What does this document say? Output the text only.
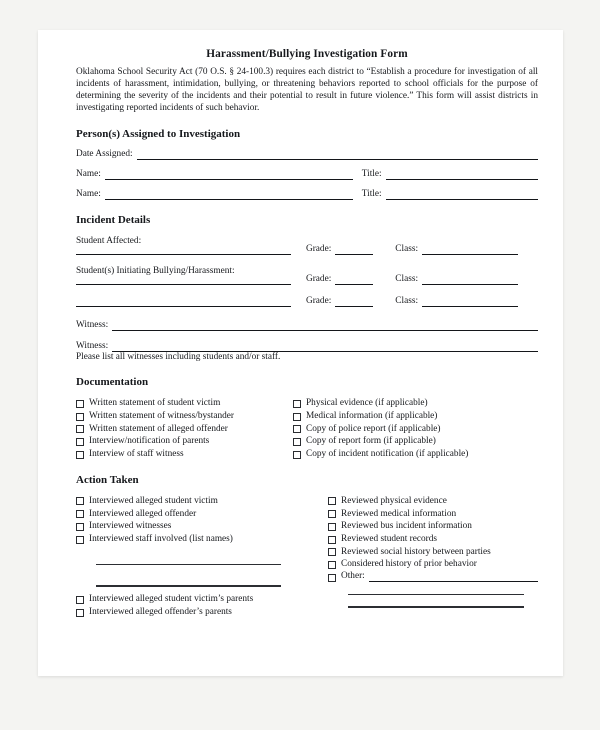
Harassment/Bullying Investigation Form

Oklahoma School Security Act (70 O.S. § 24-100.3) requires each district to “Establish a procedure for investigation of all incidents of harassment, intimidation, bullying, or threatening behaviors reported to school officials for the purpose of determining the severity of the incidents and their potential to result in future violence.” This form will assist districts in investigating reported incidents of such behavior.

Person(s) Assigned to Investigation
Date Assigned:
Name:	Title:
Name:	Title:
Incident Details
Student Affected:
Grade:	Class:
Student(s) Initiating Bullying/Harassment:
Grade:	Class:
Grade:	Class:
Witness:
Witness:

Please list all witnesses including students and/or staff.

Documentation
Written statement of student victim
Written statement of witness/bystander
Written statement of alleged offender
Interview/notification of parents
Interview of staff witness
Physical evidence (if applicable)
Medical information (if applicable)
Copy of police report (if applicable)
Copy of report form (if applicable)
Copy of incident notification (if applicable)
Action Taken
Interviewed alleged student victim
Interviewed alleged offender
Interviewed witnesses
Interviewed staff involved (list names)
Interviewed alleged student victim’s parents
Interviewed alleged offender’s parents
Reviewed physical evidence
Reviewed medical information
Reviewed bus incident information
Reviewed student records
Reviewed social history between parties
Considered history of prior behavior
Other:
